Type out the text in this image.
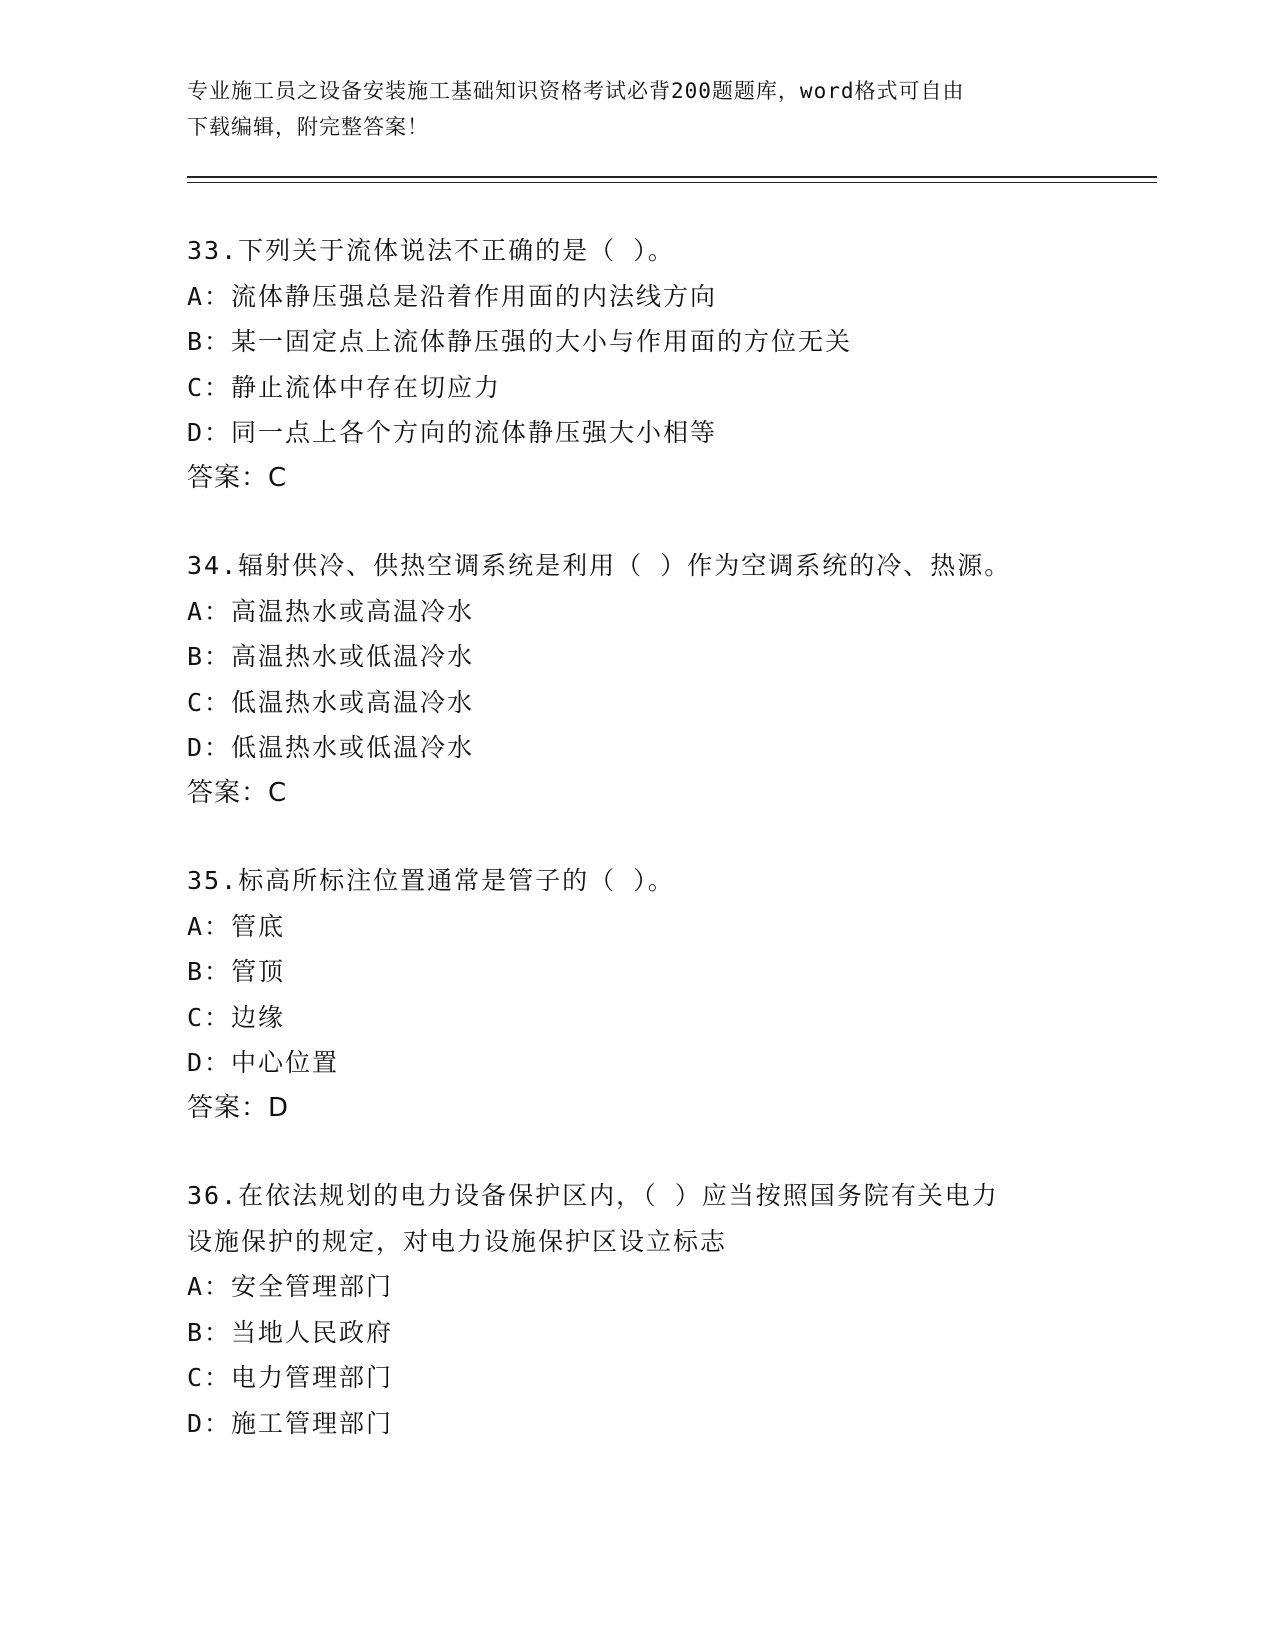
专业施工员之设备安装施工基础知识资格考试必背200题题库，word格式可自由
下载编辑，附完整答案！
33.下列关于流体说法不正确的是（ ）。
A：流体静压强总是沿着作用面的内法线方向
B：某一固定点上流体静压强的大小与作用面的方位无关
C：静止流体中存在切应力
D：同一点上各个方向的流体静压强大小相等
答案：C
34.辐射供冷、供热空调系统是利用（ ）作为空调系统的冷、热源。
A：高温热水或高温冷水
B：高温热水或低温冷水
C：低温热水或高温冷水
D：低温热水或低温冷水
答案：C
35.标高所标注位置通常是管子的（ ）。
A：管底
B：管顶
C：边缘
D：中心位置
答案：D
36.在依法规划的电力设备保护区内，（ ）应当按照国务院有关电力
设施保护的规定，对电力设施保护区设立标志
A：安全管理部门
B：当地人民政府
C：电力管理部门
D：施工管理部门
